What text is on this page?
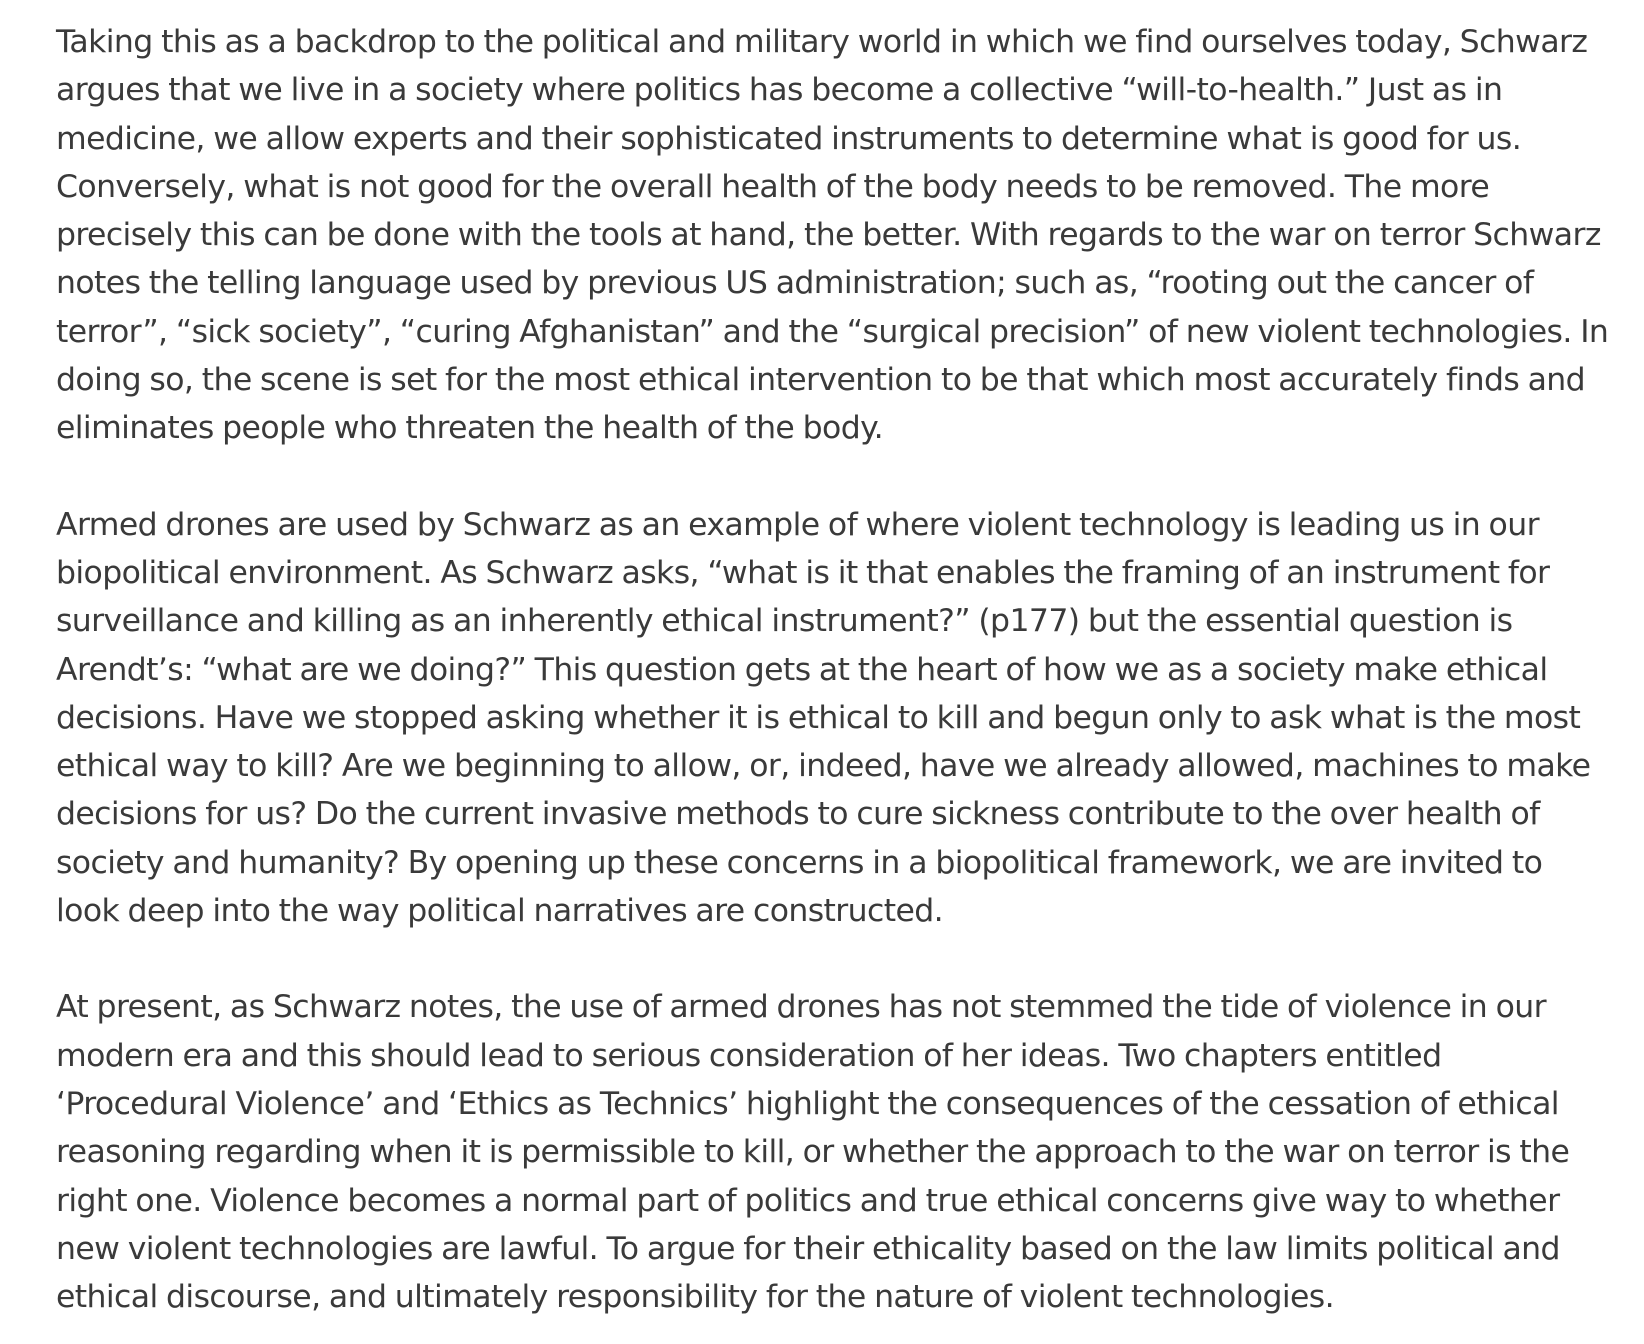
Taking this as a backdrop to the political and military world in which we find ourselves today, Schwarz
argues that we live in a society where politics has become a collective “will-to-health.” Just as in
medicine, we allow experts and their sophisticated instruments to determine what is good for us.
Conversely, what is not good for the overall health of the body needs to be removed. The more
precisely this can be done with the tools at hand, the better. With regards to the war on terror Schwarz
notes the telling language used by previous US administration; such as, “rooting out the cancer of
terror”, “sick society”, “curing Afghanistan” and the “surgical precision” of new violent technologies. In
doing so, the scene is set for the most ethical intervention to be that which most accurately finds and
eliminates people who threaten the health of the body.

Armed drones are used by Schwarz as an example of where violent technology is leading us in our
biopolitical environment. As Schwarz asks, “what is it that enables the framing of an instrument for
surveillance and killing as an inherently ethical instrument?” (p177) but the essential question is
Arendt’s: “what are we doing?” This question gets at the heart of how we as a society make ethical
decisions. Have we stopped asking whether it is ethical to kill and begun only to ask what is the most
ethical way to kill? Are we beginning to allow, or, indeed, have we already allowed, machines to make
decisions for us? Do the current invasive methods to cure sickness contribute to the over health of
society and humanity? By opening up these concerns in a biopolitical framework, we are invited to
look deep into the way political narratives are constructed.

At present, as Schwarz notes, the use of armed drones has not stemmed the tide of violence in our
modern era and this should lead to serious consideration of her ideas. Two chapters entitled
‘Procedural Violence’ and ‘Ethics as Technics’ highlight the consequences of the cessation of ethical
reasoning regarding when it is permissible to kill, or whether the approach to the war on terror is the
right one. Violence becomes a normal part of politics and true ethical concerns give way to whether
new violent technologies are lawful. To argue for their ethicality based on the law limits political and
ethical discourse, and ultimately responsibility for the nature of violent technologies.
